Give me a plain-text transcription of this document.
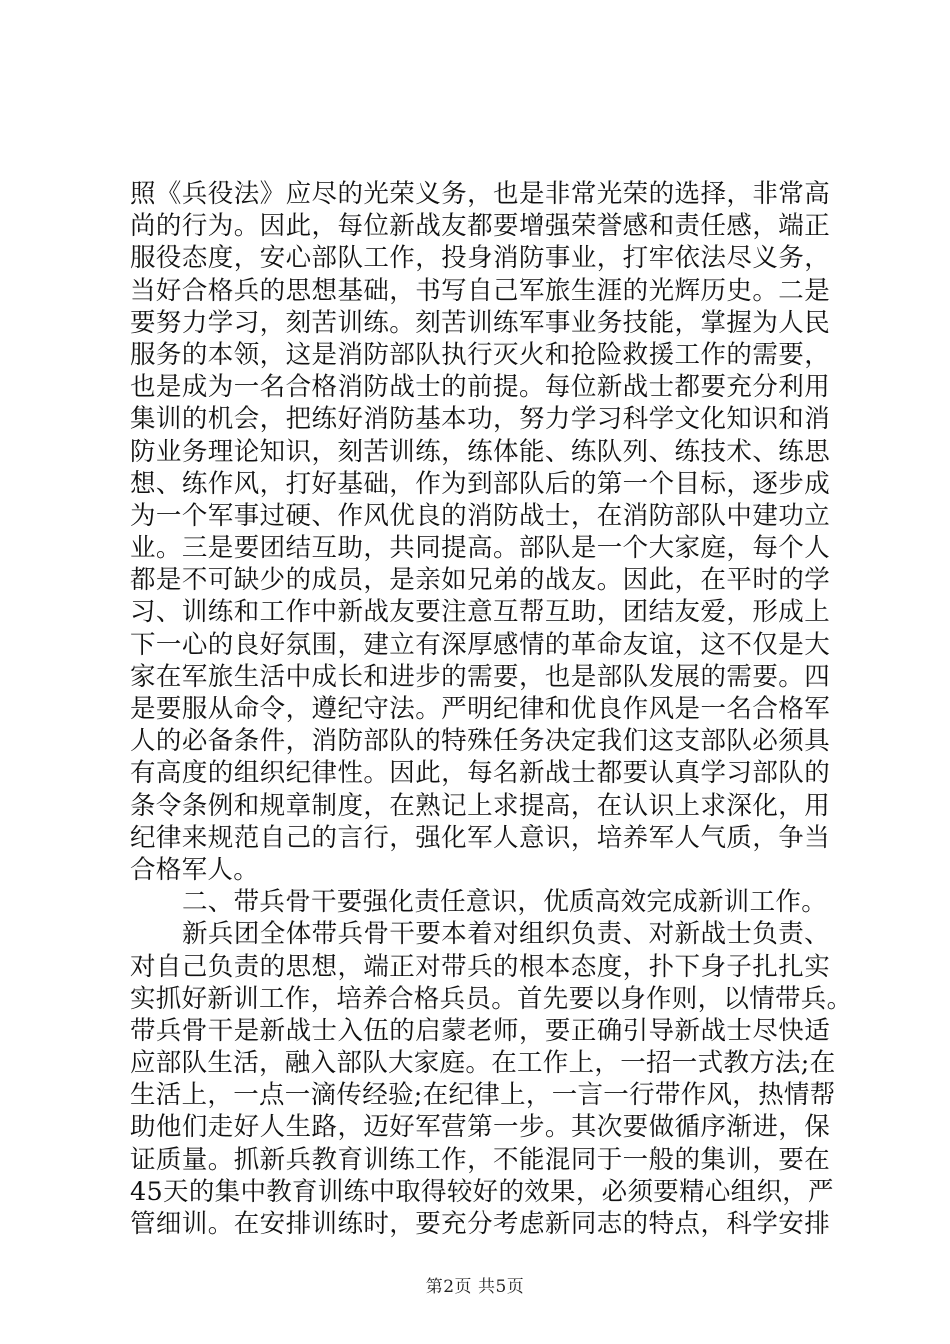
照《兵役法》应尽的光荣义务，也是非常光荣的选择，非常高
尚的行为。因此，每位新战友都要增强荣誉感和责任感，端正
服役态度，安心部队工作，投身消防事业，打牢依法尽义务，
当好合格兵的思想基础，书写自己军旅生涯的光辉历史。二是
要努力学习，刻苦训练。刻苦训练军事业务技能，掌握为人民
服务的本领，这是消防部队执行灭火和抢险救援工作的需要，
也是成为一名合格消防战士的前提。每位新战士都要充分利用
集训的机会，把练好消防基本功，努力学习科学文化知识和消
防业务理论知识，刻苦训练，练体能、练队列、练技术、练思
想、练作风，打好基础，作为到部队后的第一个目标，逐步成
为一个军事过硬、作风优良的消防战士，在消防部队中建功立
业。三是要团结互助，共同提高。部队是一个大家庭，每个人
都是不可缺少的成员，是亲如兄弟的战友。因此，在平时的学
习、训练和工作中新战友要注意互帮互助，团结友爱，形成上
下一心的良好氛围，建立有深厚感情的革命友谊，这不仅是大
家在军旅生活中成长和进步的需要，也是部队发展的需要。四
是要服从命令，遵纪守法。严明纪律和优良作风是一名合格军
人的必备条件，消防部队的特殊任务决定我们这支部队必须具
有高度的组织纪律性。因此，每名新战士都要认真学习部队的
条令条例和规章制度，在熟记上求提高，在认识上求深化，用
纪律来规范自己的言行，强化军人意识，培养军人气质，争当
合格军人。
二、带兵骨干要强化责任意识，优质高效完成新训工作。
新兵团全体带兵骨干要本着对组织负责、对新战士负责、
对自己负责的思想，端正对带兵的根本态度，扑下身子扎扎实
实抓好新训工作，培养合格兵员。首先要以身作则，以情带兵。
带兵骨干是新战士入伍的启蒙老师，要正确引导新战士尽快适
应部队生活，融入部队大家庭。在工作上，一招一式教方法;在
生活上，一点一滴传经验;在纪律上，一言一行带作风，热情帮
助他们走好人生路，迈好军营第一步。其次要做循序渐进，保
证质量。抓新兵教育训练工作，不能混同于一般的集训，要在
45天的集中教育训练中取得较好的效果，必须要精心组织，严
管细训。在安排训练时，要充分考虑新同志的特点，科学安排
第2页 共5页
